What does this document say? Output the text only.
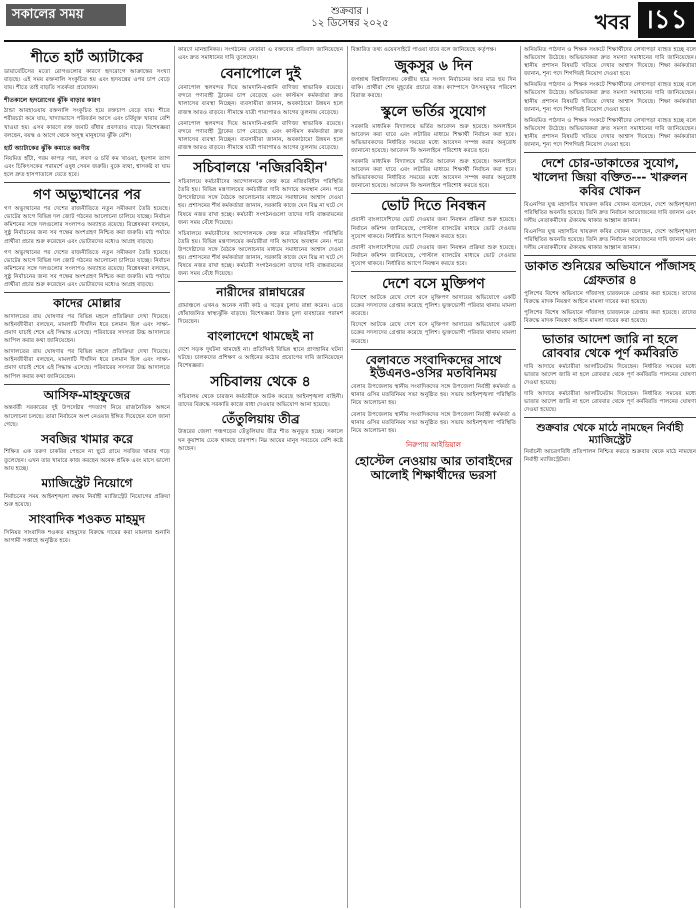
সকালের সময়	শুক্রবার ।
১২ ডিসেম্বর ২০২৫	খবর ।১১
শীতে হার্ট অ্যাটাকের

ডায়াবেটিসের মতো রোগগুলোর কারণে হৃদরোগে আক্রান্তের সংখ্যা বাড়ছে। এই সময় রক্তনালি সংকুচিত হয় এবং হৃদযন্ত্রের ওপর চাপ বেড়ে যায়। শীতে তাই বাড়তি সতর্কতা প্রয়োজন।

শীতকালে হৃদরোগের ঝুঁকি বাড়ার কারণ

ঠান্ডা আবহাওয়ায় রক্তনালি সংকুচিত হয়ে রক্তচাপ বেড়ে যায়। শীতে শরীরচর্চা কমে যায়, খাদ্যাভ্যাসে পরিবর্তন আসে এবং চর্বিযুক্ত খাবার বেশি খাওয়া হয়। এসব কারণে রক্ত জমাট বাঁধার প্রবণতাও বাড়ে। বিশেষজ্ঞরা বলছেন, বয়স্ক ও আগে থেকে অসুস্থ মানুষদের ঝুঁকি বেশি।

হার্ট অ্যাটাকের ঝুঁকি কমাতে করণীয়

নিয়মিত হাঁটা, গরম কাপড় পরা, লবণ ও চর্বি কম খাওয়া, ধূমপান ত্যাগ এবং চিকিৎসকের পরামর্শে ওষুধ সেবন জরুরি। বুকে ব্যথা, শ্বাসকষ্ট বা ঘাম হলে দ্রুত হাসপাতালে যেতে হবে।

গণ অভ্যুত্থানের পর

গণ অভ্যুত্থানের পর দেশের রাজনীতিতে নতুন সমীকরণ তৈরি হয়েছে। ভোটের আগে বিভিন্ন দল জোট গঠনের আলোচনা চালিয়ে যাচ্ছে। নির্বাচন কমিশনের সঙ্গে দলগুলোর সংলাপও অব্যাহত রয়েছে। বিশ্লেষকরা বলছেন, সুষ্ঠু নির্বাচনের জন্য সব পক্ষের অংশগ্রহণ নিশ্চিত করা জরুরি। মাঠ পর্যায়ে প্রার্থীরা প্রচার শুরু করেছেন এবং ভোটারদের মধ্যেও আগ্রহ বাড়ছে।

গণ অভ্যুত্থানের পর দেশের রাজনীতিতে নতুন সমীকরণ তৈরি হয়েছে। ভোটের আগে বিভিন্ন দল জোট গঠনের আলোচনা চালিয়ে যাচ্ছে। নির্বাচন কমিশনের সঙ্গে দলগুলোর সংলাপও অব্যাহত রয়েছে। বিশ্লেষকরা বলছেন, সুষ্ঠু নির্বাচনের জন্য সব পক্ষের অংশগ্রহণ নিশ্চিত করা জরুরি। মাঠ পর্যায়ে প্রার্থীরা প্রচার শুরু করেছেন এবং ভোটারদের মধ্যেও আগ্রহ বাড়ছে।

কাদের মোল্লার

আদালতের রায় ঘোষণার পর বিভিন্ন মহলে প্রতিক্রিয়া দেখা দিয়েছে। আইনজীবীরা বলছেন, মামলাটি দীর্ঘদিন ধরে চলমান ছিল এবং সাক্ষ্য-প্রমাণ যাচাই শেষে এই সিদ্ধান্ত এসেছে। পরিবারের সদস্যরা উচ্চ আদালতে আপিল করার কথা জানিয়েছেন।

আদালতের রায় ঘোষণার পর বিভিন্ন মহলে প্রতিক্রিয়া দেখা দিয়েছে। আইনজীবীরা বলছেন, মামলাটি দীর্ঘদিন ধরে চলমান ছিল এবং সাক্ষ্য-প্রমাণ যাচাই শেষে এই সিদ্ধান্ত এসেছে। পরিবারের সদস্যরা উচ্চ আদালতে আপিল করার কথা জানিয়েছেন।

আসিফ-মাহফুজের

অন্তর্বর্তী সরকারের দুই উপদেষ্টার পদত্যাগ নিয়ে রাজনৈতিক অঙ্গনে আলোচনা চলছে। তারা নির্বাচনে অংশ নেওয়ার ইঙ্গিত দিয়েছেন বলে জানা গেছে।

সবজির খামার করে

শিক্ষিত এক তরুণ চাকরির পেছনে না ছুটে গ্রামে সবজির খামার গড়ে তুলেছেন। এখন তার খামারে কাজ করছেন অনেক শ্রমিক এবং মাসে ভালো আয় হচ্ছে।

ম্যাজিস্ট্রেট নিয়োগে

নির্বাচনের সময় আইনশৃঙ্খলা রক্ষায় নির্বাহী ম্যাজিস্ট্রেট নিয়োগের প্রক্রিয়া শুরু হয়েছে।

সাংবাদিক শওকত মাহমুদ

সিনিয়র সাংবাদিক শওকত মাহমুদের বিরুদ্ধে দায়ের করা মামলার শুনানি আগামী সপ্তাহে অনুষ্ঠিত হবে।

কারণে মানহানিকর। সংগঠনের নেতারা এ বক্তব্যের প্রতিবাদ জানিয়েছেন এবং দ্রুত সমাধানের দাবি তুলেছেন।

বেনাপোলে দুই

বেনাপোল স্থলবন্দর দিয়ে আমদানি-রপ্তানি বাণিজ্য স্বাভাবিক রয়েছে। বন্দরে পণ্যবাহী ট্রাকের চাপ বেড়েছে এবং কাস্টমস কর্মকর্তারা দ্রুত খালাসের ব্যবস্থা নিচ্ছেন। ব্যবসায়ীরা জানান, অবকাঠামো উন্নয়ন হলে রাজস্ব আরও বাড়বে। সীমান্তে যাত্রী পারাপারও আগের তুলনায় বেড়েছে।

বেনাপোল স্থলবন্দর দিয়ে আমদানি-রপ্তানি বাণিজ্য স্বাভাবিক রয়েছে। বন্দরে পণ্যবাহী ট্রাকের চাপ বেড়েছে এবং কাস্টমস কর্মকর্তারা দ্রুত খালাসের ব্যবস্থা নিচ্ছেন। ব্যবসায়ীরা জানান, অবকাঠামো উন্নয়ন হলে রাজস্ব আরও বাড়বে। সীমান্তে যাত্রী পারাপারও আগের তুলনায় বেড়েছে।

সচিবালয়ে 'নজিরবিহীন'

সচিবালয়ে কর্মচারীদের আন্দোলনকে কেন্দ্র করে নজিরবিহীন পরিস্থিতি তৈরি হয়। বিভিন্ন মন্ত্রণালয়ের কর্মচারীরা দাবি আদায়ে অবস্থান নেন। পরে উপদেষ্টাদের সঙ্গে বৈঠকে আলোচনার মাধ্যমে সমাধানের আশ্বাস দেওয়া হয়। প্রশাসনের শীর্ষ কর্মকর্তারা জানান, সরকারি কাজে যেন বিঘ্ন না ঘটে সে বিষয়ে নজর রাখা হচ্ছে। কর্মচারী সংগঠনগুলো তাদের দাবি বাস্তবায়নের জন্য সময় বেঁধে দিয়েছে।

সচিবালয়ে কর্মচারীদের আন্দোলনকে কেন্দ্র করে নজিরবিহীন পরিস্থিতি তৈরি হয়। বিভিন্ন মন্ত্রণালয়ের কর্মচারীরা দাবি আদায়ে অবস্থান নেন। পরে উপদেষ্টাদের সঙ্গে বৈঠকে আলোচনার মাধ্যমে সমাধানের আশ্বাস দেওয়া হয়। প্রশাসনের শীর্ষ কর্মকর্তারা জানান, সরকারি কাজে যেন বিঘ্ন না ঘটে সে বিষয়ে নজর রাখা হচ্ছে। কর্মচারী সংগঠনগুলো তাদের দাবি বাস্তবায়নের জন্য সময় বেঁধে দিয়েছে।

নারীদের রান্নাঘরের

গ্রামাঞ্চলে এখনও অনেক নারী কাঠ ও খড়ের চুলায় রান্না করেন। এতে ধোঁয়াজনিত স্বাস্থ্যঝুঁকি বাড়ছে। বিশেষজ্ঞরা উন্নত চুলা ব্যবহারের পরামর্শ দিয়েছেন।

বাংলাদেশে থামছেই না

দেশে সড়ক দুর্ঘটনা থামছেই না। প্রতিদিনই বিভিন্ন স্থানে প্রাণহানির ঘটনা ঘটছে। চালকদের প্রশিক্ষণ ও আইনের কঠোর প্রয়োগের দাবি জানিয়েছেন বিশেষজ্ঞরা।

সচিবালয় থেকে ৪

সচিবালয় থেকে চারজন কর্মচারীকে আটক করেছে আইনশৃঙ্খলা বাহিনী। তাদের বিরুদ্ধে সরকারি কাজে বাধা দেওয়ার অভিযোগ আনা হয়েছে।

তেঁতুলিয়ায় তীব্র

উত্তরের জেলা পঞ্চগড়ের তেঁতুলিয়ায় তীব্র শীত অনুভূত হচ্ছে। সকালে ঘন কুয়াশায় ঢেকে থাকছে চারপাশ। নিম্ন আয়ের মানুষ সবচেয়ে বেশি কষ্টে আছেন।

বিস্তারিত তথ্য ওয়েবসাইটে পাওয়া যাবে বলে জানিয়েছে কর্তৃপক্ষ।

জুকসুর ৬ দিন

জগন্নাথ বিশ্ববিদ্যালয় কেন্দ্রীয় ছাত্র সংসদ নির্বাচনের আর মাত্র ছয় দিন বাকি। প্রার্থীরা শেষ মুহূর্তের প্রচারে ব্যস্ত। ক্যাম্পাসে উৎসবমুখর পরিবেশ বিরাজ করছে।

স্কুলে ভর্তির সুযোগ

সরকারি মাধ্যমিক বিদ্যালয়ে ভর্তির আবেদন শুরু হয়েছে। অনলাইনে আবেদন করা যাবে এবং লটারির মাধ্যমে শিক্ষার্থী নির্বাচন করা হবে। অভিভাবকদের নির্ধারিত সময়ের মধ্যে আবেদন সম্পন্ন করার অনুরোধ জানানো হয়েছে। আবেদন ফি অনলাইনে পরিশোধ করতে হবে।

সরকারি মাধ্যমিক বিদ্যালয়ে ভর্তির আবেদন শুরু হয়েছে। অনলাইনে আবেদন করা যাবে এবং লটারির মাধ্যমে শিক্ষার্থী নির্বাচন করা হবে। অভিভাবকদের নির্ধারিত সময়ের মধ্যে আবেদন সম্পন্ন করার অনুরোধ জানানো হয়েছে। আবেদন ফি অনলাইনে পরিশোধ করতে হবে।

ভোট দিতে নিবন্ধন

প্রবাসী বাংলাদেশিদের ভোট দেওয়ার জন্য নিবন্ধন প্রক্রিয়া শুরু হয়েছে। নির্বাচন কমিশন জানিয়েছে, পোস্টাল ব্যালটের মাধ্যমে ভোট দেওয়ার সুযোগ থাকবে। নির্ধারিত অ্যাপে নিবন্ধন করতে হবে।

প্রবাসী বাংলাদেশিদের ভোট দেওয়ার জন্য নিবন্ধন প্রক্রিয়া শুরু হয়েছে। নির্বাচন কমিশন জানিয়েছে, পোস্টাল ব্যালটের মাধ্যমে ভোট দেওয়ার সুযোগ থাকবে। নির্ধারিত অ্যাপে নিবন্ধন করতে হবে।

দেশে বসে মুক্তিপণ

বিদেশে আটকে রেখে দেশে বসে মুক্তিপণ আদায়ের অভিযোগে একটি চক্রের সদস্যদের গ্রেপ্তার করেছে পুলিশ। ভুক্তভোগী পরিবার থানায় মামলা করেছে।

বিদেশে আটকে রেখে দেশে বসে মুক্তিপণ আদায়ের অভিযোগে একটি চক্রের সদস্যদের গ্রেপ্তার করেছে পুলিশ। ভুক্তভোগী পরিবার থানায় মামলা করেছে।

বেলাবতে সংবাদিকদের সাথে ইউএনও-ওসির মতবিনিময়

বেলাব উপজেলায় স্থানীয় সংবাদিকদের সঙ্গে উপজেলা নির্বাহী কর্মকর্তা ও থানার ওসির মতবিনিময় সভা অনুষ্ঠিত হয়। সভায় আইনশৃঙ্খলা পরিস্থিতি নিয়ে আলোচনা হয়।

বেলাব উপজেলায় স্থানীয় সংবাদিকদের সঙ্গে উপজেলা নির্বাহী কর্মকর্তা ও থানার ওসির মতবিনিময় সভা অনুষ্ঠিত হয়। সভায় আইনশৃঙ্খলা পরিস্থিতি নিয়ে আলোচনা হয়।

নিরুপায় আইডিয়াল
হোস্টেল নেওয়ায় আর তাবাইদের আলোই শিক্ষার্থীদের ভরসা

অনিয়মিত পাঠদান ও শিক্ষক সংকটে শিক্ষার্থীদের লেখাপড়া ব্যাহত হচ্ছে বলে অভিযোগ উঠেছে। অভিভাবকরা দ্রুত সমস্যা সমাধানের দাবি জানিয়েছেন। স্থানীয় প্রশাসন বিষয়টি খতিয়ে দেখার আশ্বাস দিয়েছে। শিক্ষা কর্মকর্তারা জানান, শূন্য পদে শিগগিরই নিয়োগ দেওয়া হবে।

অনিয়মিত পাঠদান ও শিক্ষক সংকটে শিক্ষার্থীদের লেখাপড়া ব্যাহত হচ্ছে বলে অভিযোগ উঠেছে। অভিভাবকরা দ্রুত সমস্যা সমাধানের দাবি জানিয়েছেন। স্থানীয় প্রশাসন বিষয়টি খতিয়ে দেখার আশ্বাস দিয়েছে। শিক্ষা কর্মকর্তারা জানান, শূন্য পদে শিগগিরই নিয়োগ দেওয়া হবে।

অনিয়মিত পাঠদান ও শিক্ষক সংকটে শিক্ষার্থীদের লেখাপড়া ব্যাহত হচ্ছে বলে অভিযোগ উঠেছে। অভিভাবকরা দ্রুত সমস্যা সমাধানের দাবি জানিয়েছেন। স্থানীয় প্রশাসন বিষয়টি খতিয়ে দেখার আশ্বাস দিয়েছে। শিক্ষা কর্মকর্তারা জানান, শূন্য পদে শিগগিরই নিয়োগ দেওয়া হবে।

দেশে চোর-ডাকাতের সুযোগ, খালেদা জিয়া বক্তিত--- খারুলন কবির খোকন

বিএনপির যুগ্ম মহাসচিব খায়রুল কবির খোকন বলেছেন, দেশে আইনশৃঙ্খলা পরিস্থিতির অবনতি হয়েছে। তিনি দ্রুত নির্বাচন আয়োজনের দাবি জানান এবং দলীয় নেতাকর্মীদের ঐক্যবদ্ধ থাকার আহ্বান জানান।

বিএনপির যুগ্ম মহাসচিব খায়রুল কবির খোকন বলেছেন, দেশে আইনশৃঙ্খলা পরিস্থিতির অবনতি হয়েছে। তিনি দ্রুত নির্বাচন আয়োজনের দাবি জানান এবং দলীয় নেতাকর্মীদের ঐক্যবদ্ধ থাকার আহ্বান জানান।

ডাকাত শুনিয়ের অভিযানে পাঁজাসহ গ্রেফতার ৪

পুলিশের বিশেষ অভিযানে গাঁজাসহ চারজনকে গ্রেপ্তার করা হয়েছে। তাদের বিরুদ্ধে মাদক নিয়ন্ত্রণ আইনে মামলা দায়ের করা হয়েছে।

পুলিশের বিশেষ অভিযানে গাঁজাসহ চারজনকে গ্রেপ্তার করা হয়েছে। তাদের বিরুদ্ধে মাদক নিয়ন্ত্রণ আইনে মামলা দায়ের করা হয়েছে।

ভাতার আদেশ জারি না হলে রোববার থেকে পূর্ণ কর্মবিরতি

দাবি আদায়ে কর্মচারীরা আলটিমেটাম দিয়েছেন। নির্ধারিত সময়ের মধ্যে ভাতার আদেশ জারি না হলে রোববার থেকে পূর্ণ কর্মবিরতি পালনের ঘোষণা দেওয়া হয়েছে।

দাবি আদায়ে কর্মচারীরা আলটিমেটাম দিয়েছেন। নির্ধারিত সময়ের মধ্যে ভাতার আদেশ জারি না হলে রোববার থেকে পূর্ণ কর্মবিরতি পালনের ঘোষণা দেওয়া হয়েছে।

শুক্রবার থেকে মাঠে নামছেন নির্বাহী ম্যাজিস্ট্রেট

নির্বাচনী আচরণবিধি প্রতিপালন নিশ্চিত করতে শুক্রবার থেকে মাঠে নামছেন নির্বাহী ম্যাজিস্ট্রেটরা।
